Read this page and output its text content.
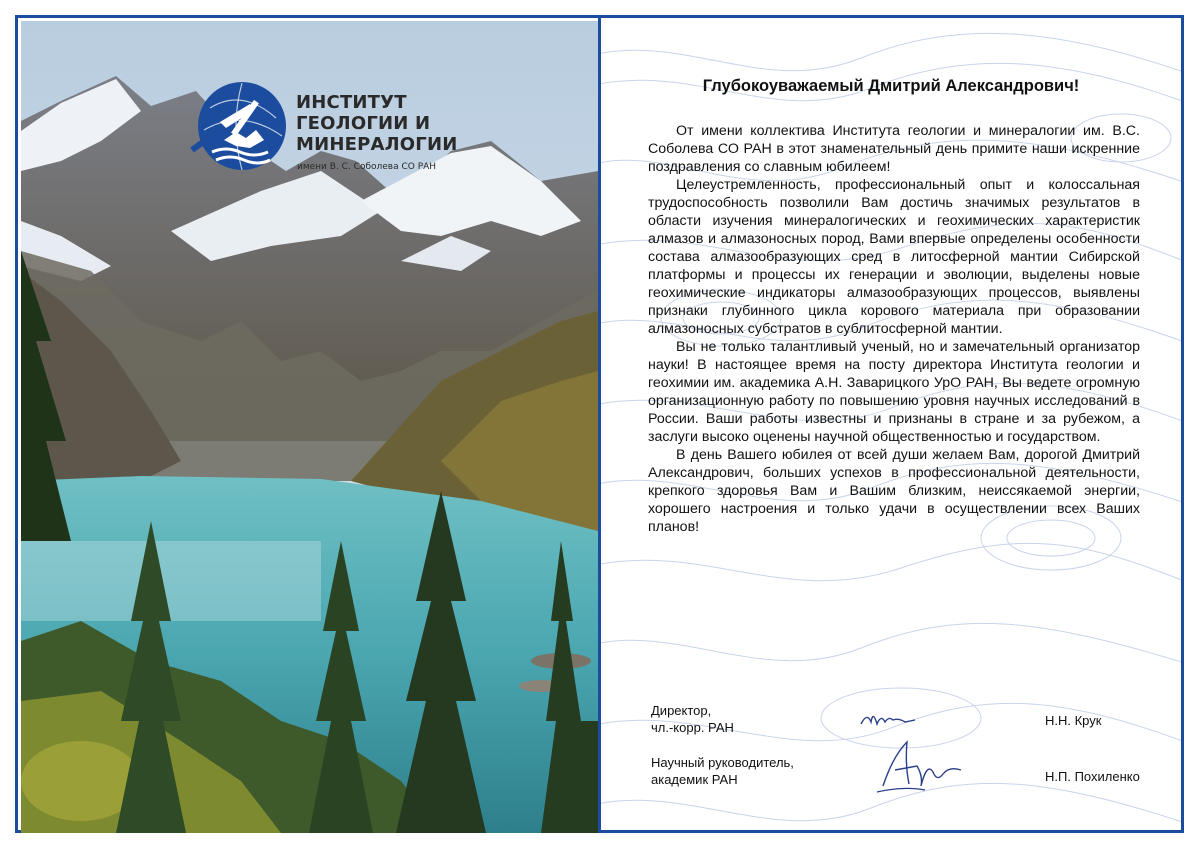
ИНСТИТУТ
ГЕОЛОГИИ И
МИНЕРАЛОГИИ
имени В. С. Соболева СО РАН
Глубокоуважаемый Дмитрий Александрович!

От имени коллектива Института геологии и минералогии им. В.С. Соболева СО РАН в этот знаменательный день примите наши искренние поздравления со славным юбилеем!

Целеустремленность, профессиональный опыт и колоссальная трудоспособность позволили Вам достичь значимых результатов в области изучения минералогических и геохимических характеристик алмазов и алмазоносных пород, Вами впервые определены особенности состава алмазообразующих сред в литосферной мантии Сибирской платформы и процессы их генерации и эволюции, выделены новые геохимические индикаторы алмазообразующих процессов, выявлены признаки глубинного цикла корового материала при образовании алмазоносных субстратов в сублитосферной мантии.

Вы не только талантливый ученый, но и замечательный организатор науки! В настоящее время на посту директора Института геологии и геохимии им. академика А.Н. Заварицкого УрО РАН, Вы ведете огромную организационную работу по повышению уровня научных исследований в России. Ваши работы известны и признаны в стране и за рубежом, а заслуги высоко оценены научной общественностью и государством.

В день Вашего юбилея от всей души желаем Вам, дорогой Дмитрий Александрович, больших успехов в профессиональной деятельности, крепкого здоровья Вам и Вашим близким, неиссякаемой энергии, хорошего настроения и только удачи в осуществлении всех Ваших планов!

Директор,
чл.-корр. РАН	Н.Н. Крук
Научный руководитель,
академик РАН	Н.П. Похиленко
